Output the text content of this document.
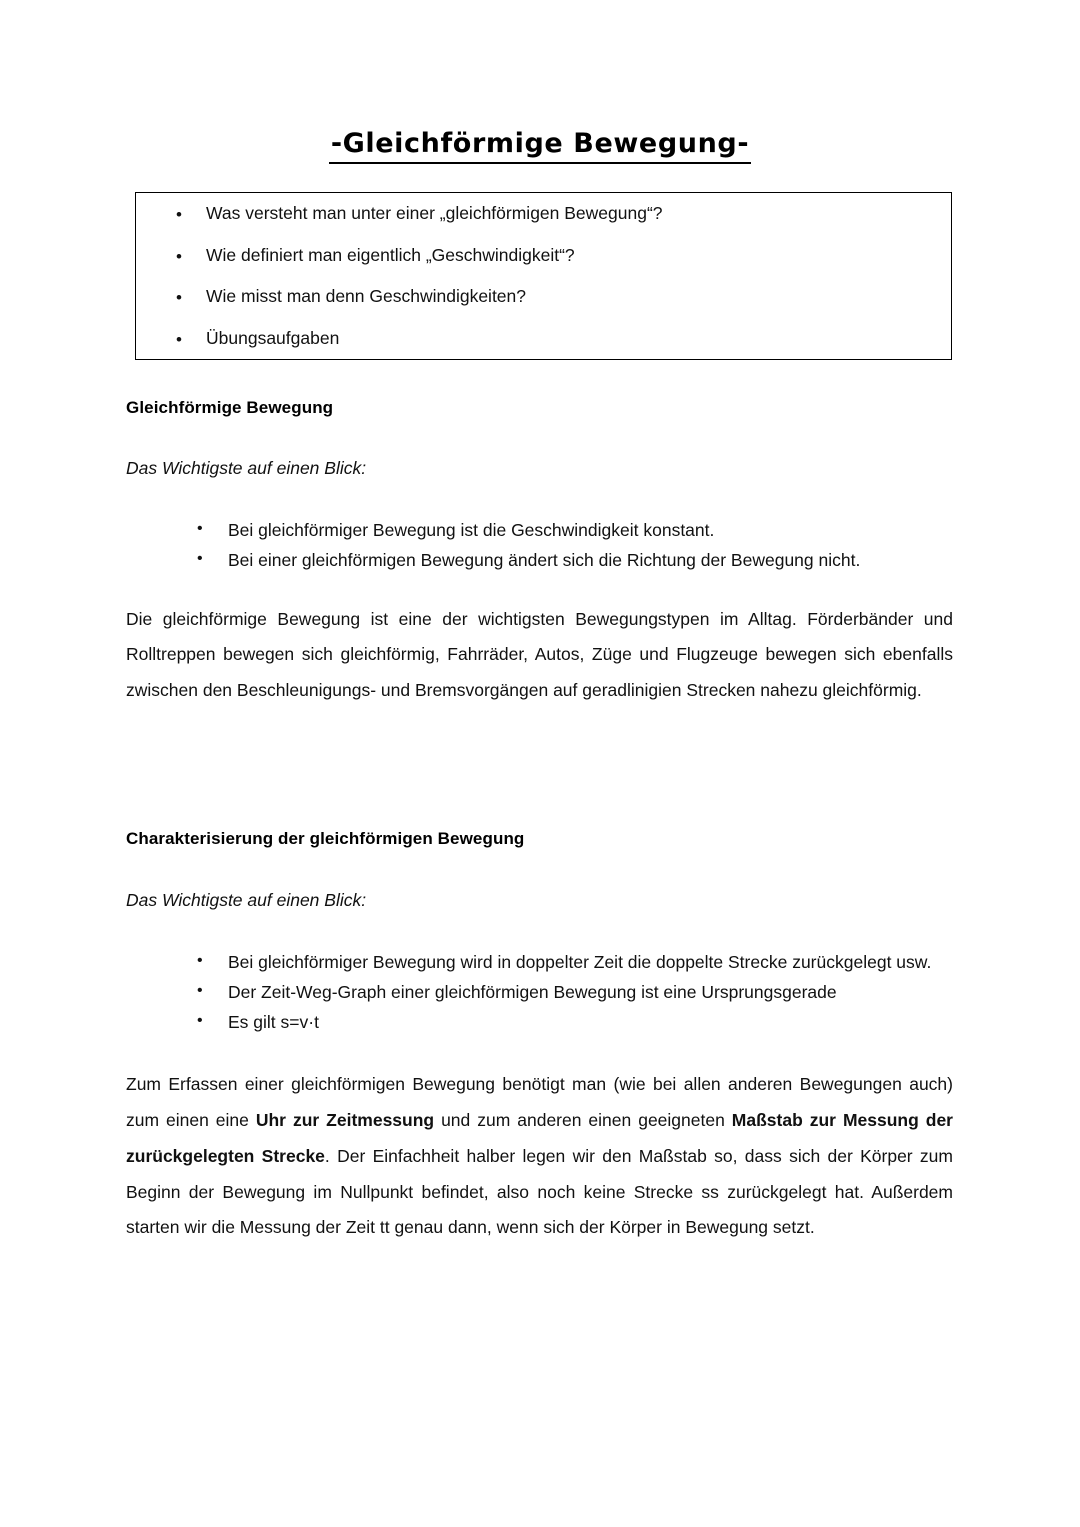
-Gleichförmige Bewegung-
• Was versteht man unter einer „gleichförmigen Bewegung“?
• Wie definiert man eigentlich „Geschwindigkeit“?
• Wie misst man denn Geschwindigkeiten?
• Übungsaufgaben
Gleichförmige Bewegung

Das Wichtigste auf einen Blick:

• Bei gleichförmiger Bewegung ist die Geschwindigkeit konstant.
• Bei einer gleichförmigen Bewegung ändert sich die Richtung der Bewegung nicht.

Die gleichförmige Bewegung ist eine der wichtigsten Bewegungstypen im Alltag. Förderbänder und Rolltreppen bewegen sich gleichförmig, Fahrräder, Autos, Züge und Flugzeuge bewegen sich ebenfalls zwischen den Beschleunigungs- und Bremsvorgängen auf geradlinigien Strecken nahezu gleichförmig.

Charakterisierung der gleichförmigen Bewegung

Das Wichtigste auf einen Blick:

• Bei gleichförmiger Bewegung wird in doppelter Zeit die doppelte Strecke zurückgelegt usw.
• Der Zeit-Weg-Graph einer gleichförmigen Bewegung ist eine Ursprungsgerade
• Es gilt s=v·t

Zum Erfassen einer gleichförmigen Bewegung benötigt man (wie bei allen anderen Bewegungen auch) zum einen eine Uhr zur Zeitmessung und zum anderen einen geeigneten Maßstab zur Messung der zurückgelegten Strecke. Der Einfachheit halber legen wir den Maßstab so, dass sich der Körper zum Beginn der Bewegung im Nullpunkt befindet, also noch keine Strecke ss zurückgelegt hat. Außerdem starten wir die Messung der Zeit tt genau dann, wenn sich der Körper in Bewegung setzt.
